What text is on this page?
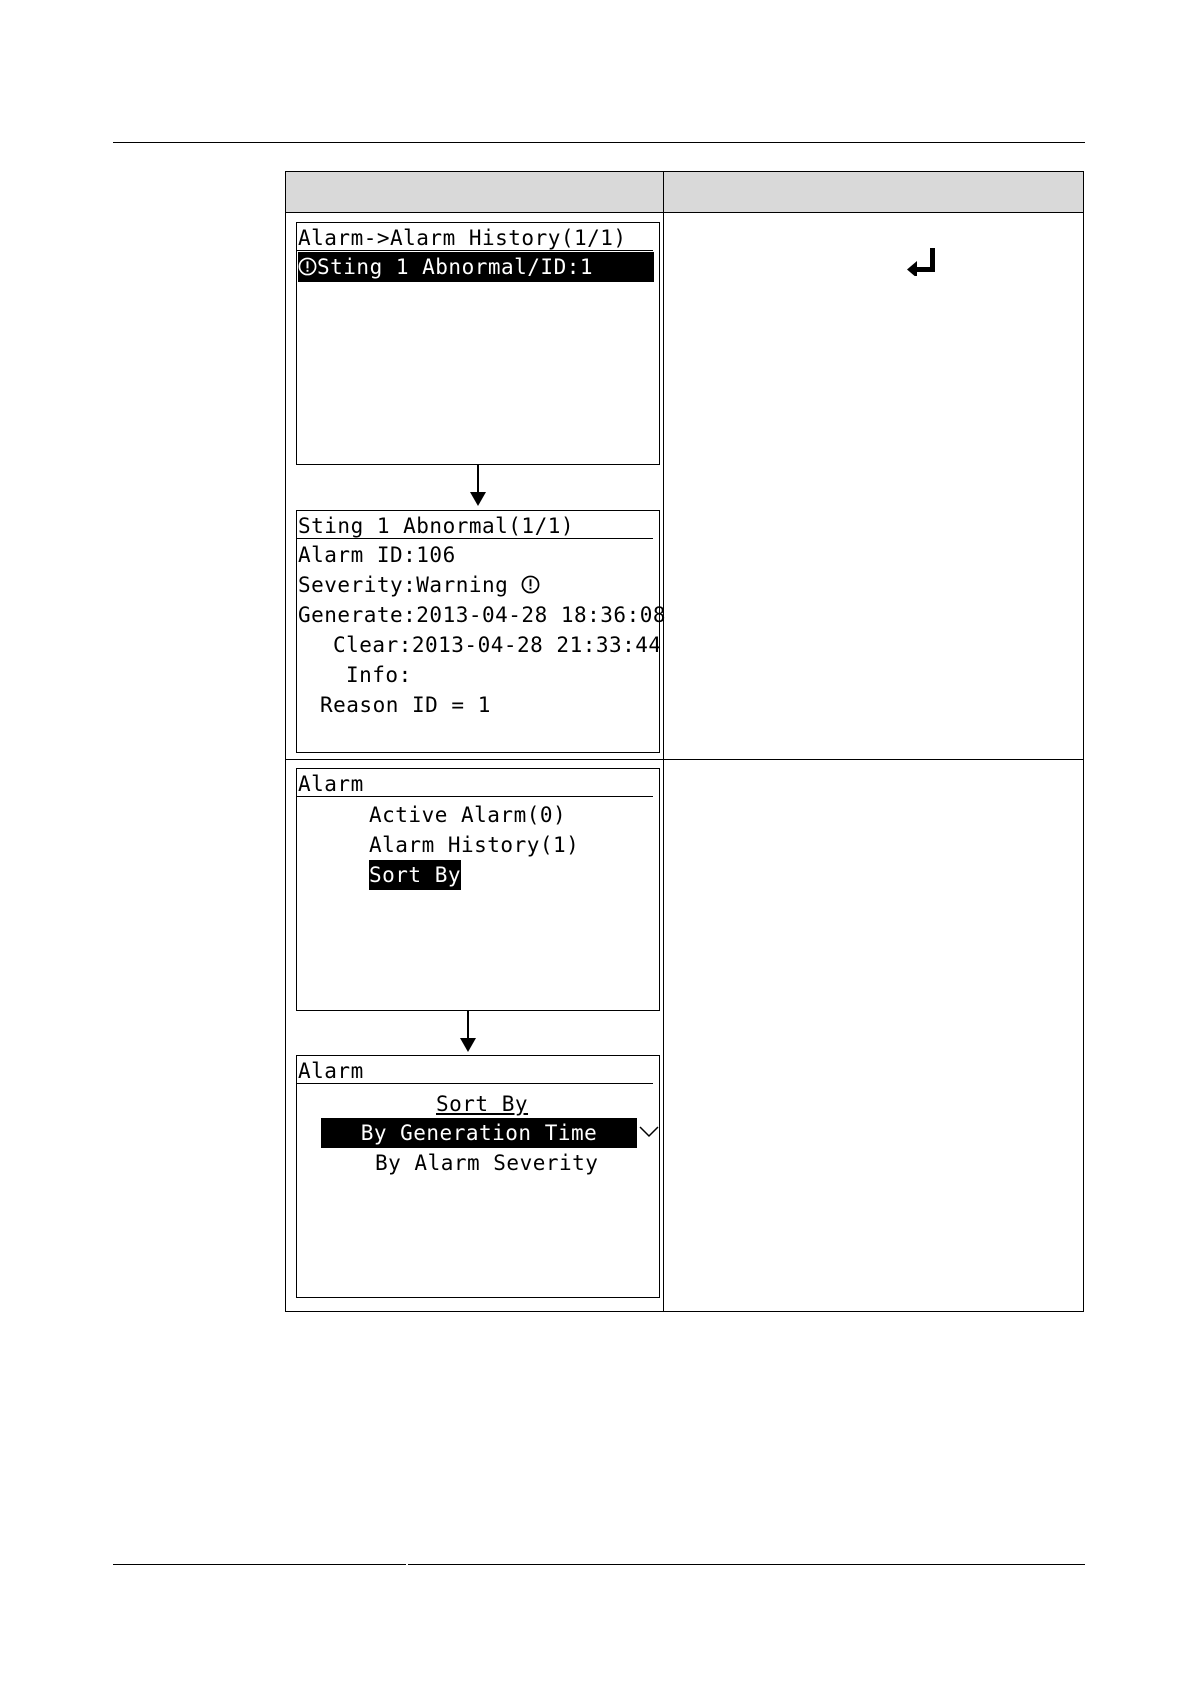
Alarm->Alarm History(1/1)
Sting 1 Abnormal/ID:1
Sting 1 Abnormal(1/1)
Alarm ID:106
Severity:Warning
Generate:2013-04-28 18:36:08
Clear:2013-04-28 21:33:44
Info:
Reason ID = 1
Alarm
Active Alarm(0)
Alarm History(1)
Sort By
Alarm
Sort By
By Generation Time
By Alarm Severity
